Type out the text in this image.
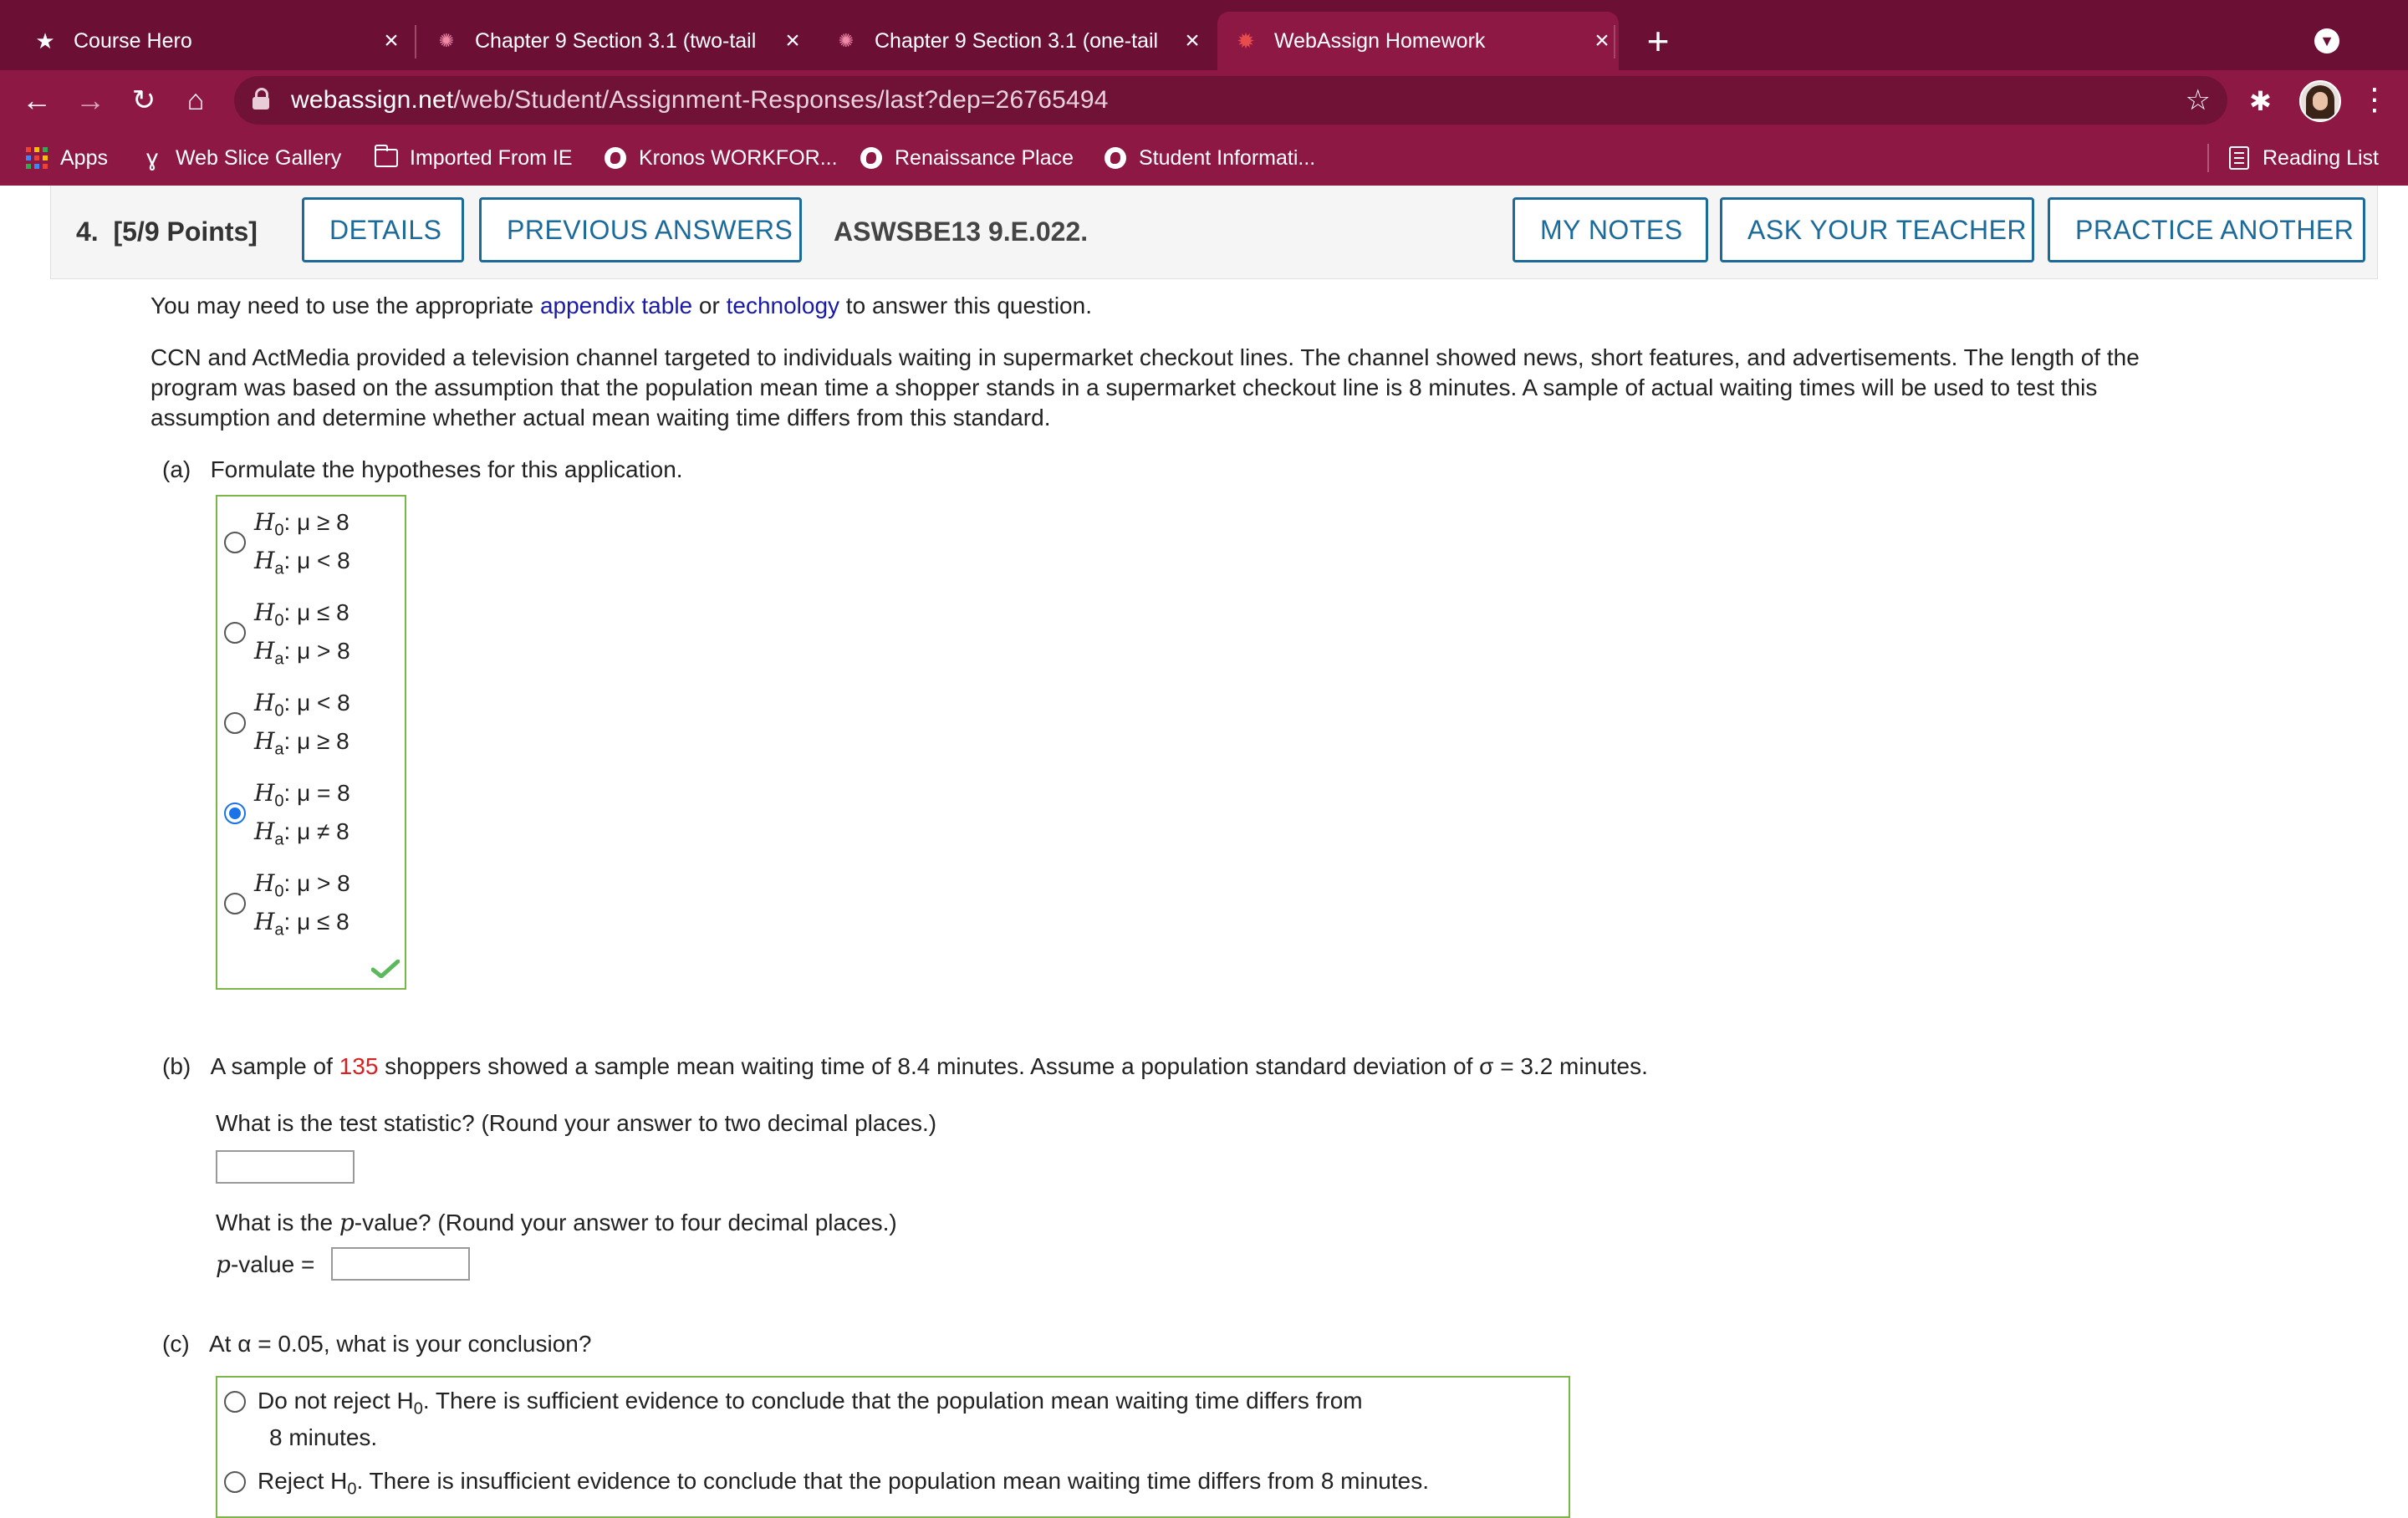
★ Course Hero	×	✺ Chapter 9 Section 3.1 (two-tail	×	✺ Chapter 9 Section 3.1 (one-tail	×	✹ WebAssign Homework	× +	▼
← → ↻	⌂	webassign.net/web/Student/Assignment-Responses/last?dep=26765494	☆ ✱	⋮
Apps ɣ Web Slice Gallery	Imported From IE	Kronos WORKFOR...	Renaissance Place	Student Informati...	Reading List
4. [5/9 Points]	DETAILS	PREVIOUS ANSWERS	ASWSBE13 9.E.022.	MY NOTES	ASK YOUR TEACHER	PRACTICE ANOTHER
You may need to use the appropriate appendix table or technology to answer this question.
CCN and ActMedia provided a television channel targeted to individuals waiting in supermarket checkout lines. The channel showed news, short features, and advertisements. The length of the
program was based on the assumption that the population mean time a shopper stands in a supermarket checkout line is 8 minutes. A sample of actual waiting times will be used to test this
assumption and determine whether actual mean waiting time differs from this standard.
(a) Formulate the hypotheses for this application.
$H_0$: μ ≥ 8
$H_a$: μ < 8
$H_0$: μ ≤ 8
$H_a$: μ > 8
$H_0$: μ < 8
$H_a$: μ ≥ 8
$H_0$: μ = 8
$H_a$: μ ≠ 8
$H_0$: μ > 8
$H_a$: μ ≤ 8
(b) A sample of 135 shoppers showed a sample mean waiting time of 8.4 minutes. Assume a population standard deviation of σ = 3.2 minutes.
What is the test statistic? (Round your answer to two decimal places.)
What is the p-value? (Round your answer to four decimal places.)
p-value =
(c) At α = 0.05, what is your conclusion?
Do not reject $H_0$. There is sufficient evidence to conclude that the population mean waiting time differs from
8 minutes.
Reject $H_0$. There is insufficient evidence to conclude that the population mean waiting time differs from 8 minutes.
